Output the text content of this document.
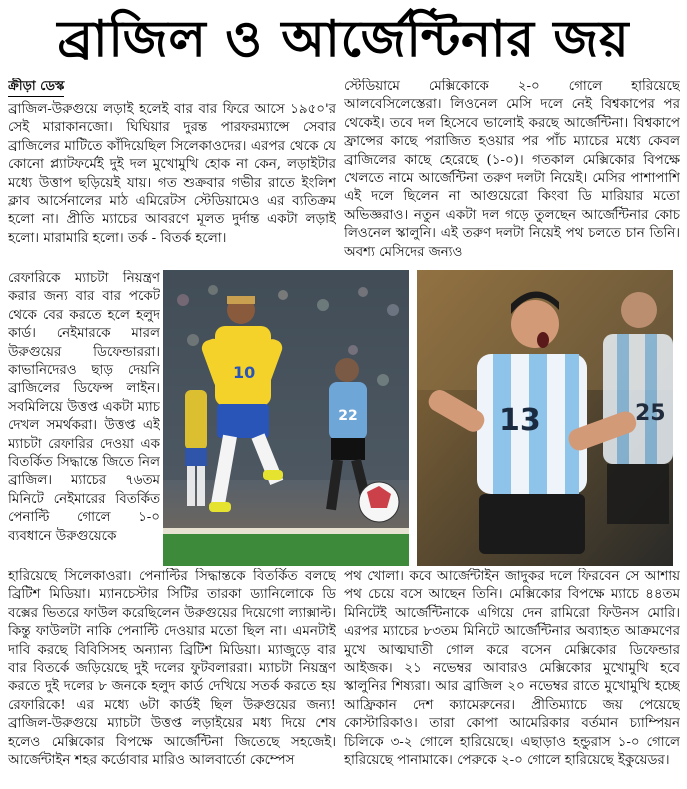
ব্রাজিল ও আর্জেন্টিনার জয়
ক্রীড়া ডেস্ক
ব্রাজিল-উরুগুয়ে লড়াই হলেই বার বার ফিরে আসে ১৯৫০'র সেই মারাকানজো। ঘিঘিয়ার দুরন্ত পারফরম্যান্সে সেবার ব্রাজিলের মাটিতে কাঁদিয়েছিল সিলেকাওদের। এরপর থেকে যে কোনো প্ল্যাটফর্মেই দুই দল মুখোমুখি হোক না কেন, লড়াইটার মধ্যে উত্তাপ ছড়িয়েই যায়। গত শুক্রবার গভীর রাতে ইংলিশ ক্লাব আর্সেনালের মাঠ এমিরেটস স্টেডিয়ামেও এর ব্যতিক্রম হলো না। প্রীতি ম্যাচের আবরণে মূলত দুর্দান্ত একটা লড়াই হলো। মারামারি হলো। তর্ক - বিতর্ক হলো।
স্টেডিয়ামে মেক্সিকোকে ২-০ গোলে হারিয়েছে আলবেসিলেস্তেরা। লিওনেল মেসি দলে নেই বিশ্বকাপের পর থেকেই। তবে দল হিসেবে ভালোই করছে আর্জেন্টিনা। বিশ্বকাপে ফ্রান্সের কাছে পরাজিত হওয়ার পর পাঁচ ম্যাচের মধ্যে কেবল ব্রাজিলের কাছে হেরেছে (১-০)। গতকাল মেক্সিকোর বিপক্ষে খেলতে নামে আর্জেন্টিনা তরুণ দলটা নিয়েই। মেসির পাশাপাশি এই দলে ছিলেন না আগুয়েরো কিংবা ডি মারিয়ার মতো অভিজ্ঞরাও। নতুন একটা দল গড়ে তুলছেন আর্জেন্টিনার কোচ লিওনেল স্কালুনি। এই তরুণ দলটা নিয়েই পথ চলতে চান তিনি। অবশ্য মেসিদের জন্যও
রেফারিকে ম্যাচটা নিয়ন্ত্রণ করার জন্য বার বার পকেট থেকে বের করতে হলে হলুদ কার্ড। নেইমারকে মারল উরুগুয়ের ডিফেন্ডাররা। কাভানিদেরও ছাড় দেয়নি ব্রাজিলের ডিফেন্স লাইন। সবমিলিয়ে উত্তপ্ত একটা ম্যাচ দেখল সমর্থকরা। উত্তপ্ত এই ম্যাচটা রেফারির দেওয়া এক বিতর্কিত সিদ্ধান্তে জিতে নিল ব্রাজিল। ম্যাচের ৭৬তম মিনিটে নেইমারের বিতর্কিত পেনাল্টি গোলে ১-০ ব্যবধানে উরুগুয়েকে
22
10
25
13
হারিয়েছে সিলেকাওরা। পেনাল্টির সিদ্ধান্তকে বিতর্কিত বলছে ব্রিটিশ মিডিয়া। ম্যানচেস্টার সিটির তারকা ড্যানিলোকে ডি বক্সের ভিতরে ফাউল করেছিলেন উরুগুয়ের দিয়েগো ল্যাক্সাল্ট। কিন্তু ফাউলটা নাকি পেনাল্টি দেওয়ার মতো ছিল না। এমনটাই দাবি করছে বিবিসিসহ অন্যান্য ব্রিটিশ মিডিয়া। ম্যাজুড়ে বার বার বিতর্কে জড়িয়েছে দুই দলের ফুটবলাররা। ম্যাচটা নিয়ন্ত্রণ করতে দুই দলের ৮ জনকে হলুদ কার্ড দেখিয়ে সতর্ক করতে হয় রেফারিকে! এর মধ্যে ৬টা কার্ডই ছিল উরুগুয়ের জন্য! ব্রাজিল-উরুগুয়ে ম্যাচটা উত্তপ্ত লড়াইয়ের মধ্য দিয়ে শেষ হলেও মেক্সিকোর বিপক্ষে আর্জেন্টিনা জিতেছে সহজেই। আর্জেন্টাইন শহর কর্ডোবার মারিও আলবার্তো কেম্পেস
পথ খোলা। কবে আর্জেন্টাইন জাদুকর দলে ফিরবেন সে আশায় পথ চেয়ে বসে আছেন তিনি। মেক্সিকোর বিপক্ষে ম্যাচে ৪৪তম মিনিটেই আর্জেন্টিনাকে এগিয়ে দেন রামিরো ফিউনস মোরি। এরপর ম্যাচের ৮৩তম মিনিটে আর্জেন্টিনার অব্যাহত আক্রমণের মুখে আত্মঘাতী গোল করে বসেন মেক্সিকোর ডিফেন্ডার আইজক। ২১ নভেম্বর আবারও মেক্সিকোর মুখোমুখি হবে স্কালুনির শিষ্যরা। আর ব্রাজিল ২০ নভেম্বর রাতে মুখোমুখি হচ্ছে আফ্রিকান দেশ ক্যামেরুনের। প্রীতিম্যাচে জয় পেয়েছে কোস্টারিকাও। তারা কোপা আমেরিকার বর্তমান চ্যাম্পিয়ন চিলিকে ৩-২ গোলে হারিয়েছে। এছাড়াও হন্ডুরাস ১-০ গোলে হারিয়েছে পানামাকে। পেরুকে ২-০ গোলে হারিয়েছে ইকুয়েডর।
